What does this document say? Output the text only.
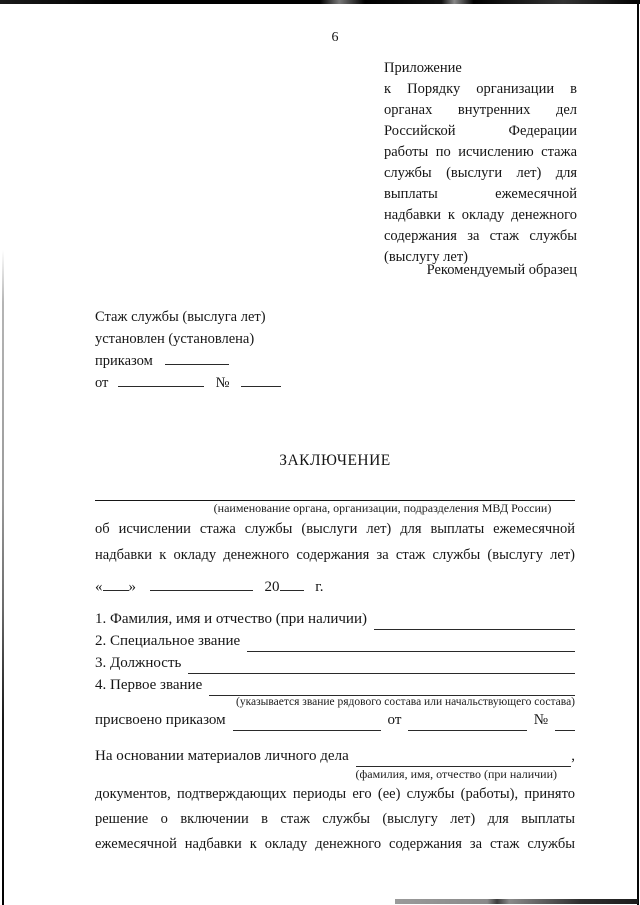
6
Приложение
к Порядку организации в
органах внутренних дел
Российской Федерации
работы по исчислению стажа
службы (выслуги лет) для
выплаты ежемесячной
надбавки к окладу денежного
содержания за стаж службы
(выслугу лет)
Рекомендуемый образец
Стаж службы (выслуга лет)
установлен (установлена)
приказом
от	№
ЗАКЛЮЧЕНИЕ
(наименование органа, организации, подразделения МВД России)
об исчислении стажа службы (выслуги лет) для выплаты ежемесячной
надбавки к окладу денежного содержания за стаж службы (выслугу лет)
« »	20 г.
1. Фамилия, имя и отчество (при наличии)
2. Специальное звание
3. Должность
4. Первое звание
(указывается звание рядового состава или начальствующего состава)
присвоено приказом	от	№
На основании материалов личного дела	,
(фамилия, имя, отчество (при наличии)
документов, подтверждающих периоды его (ее) службы (работы), принято
решение о включении в стаж службы (выслугу лет) для выплаты
ежемесячной надбавки к окладу денежного содержания за стаж службы
